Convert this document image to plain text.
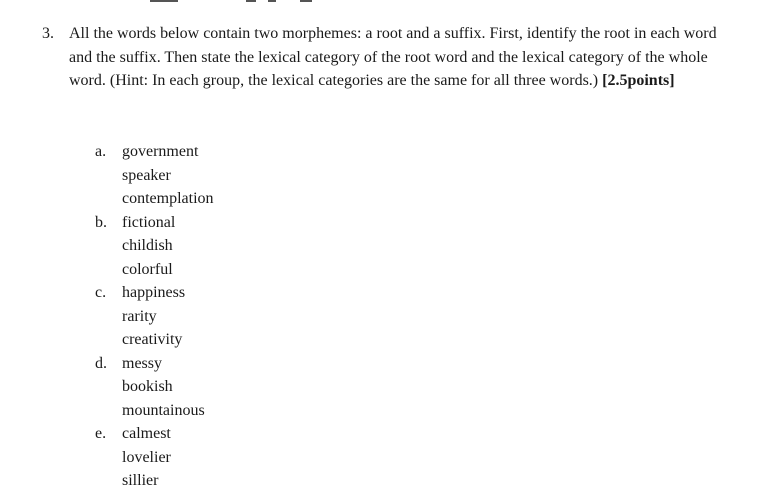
3. All the words below contain two morphemes: a root and a suffix. First, identify the root in each word and the suffix. Then state the lexical category of the root word and the lexical category of the whole word. (Hint: In each group, the lexical categories are the same for all three words.) [2.5points]
a. government
speaker
contemplation
b. fictional
childish
colorful
c. happiness
rarity
creativity
d. messy
bookish
mountainous
e. calmest
lovelier
sillier
